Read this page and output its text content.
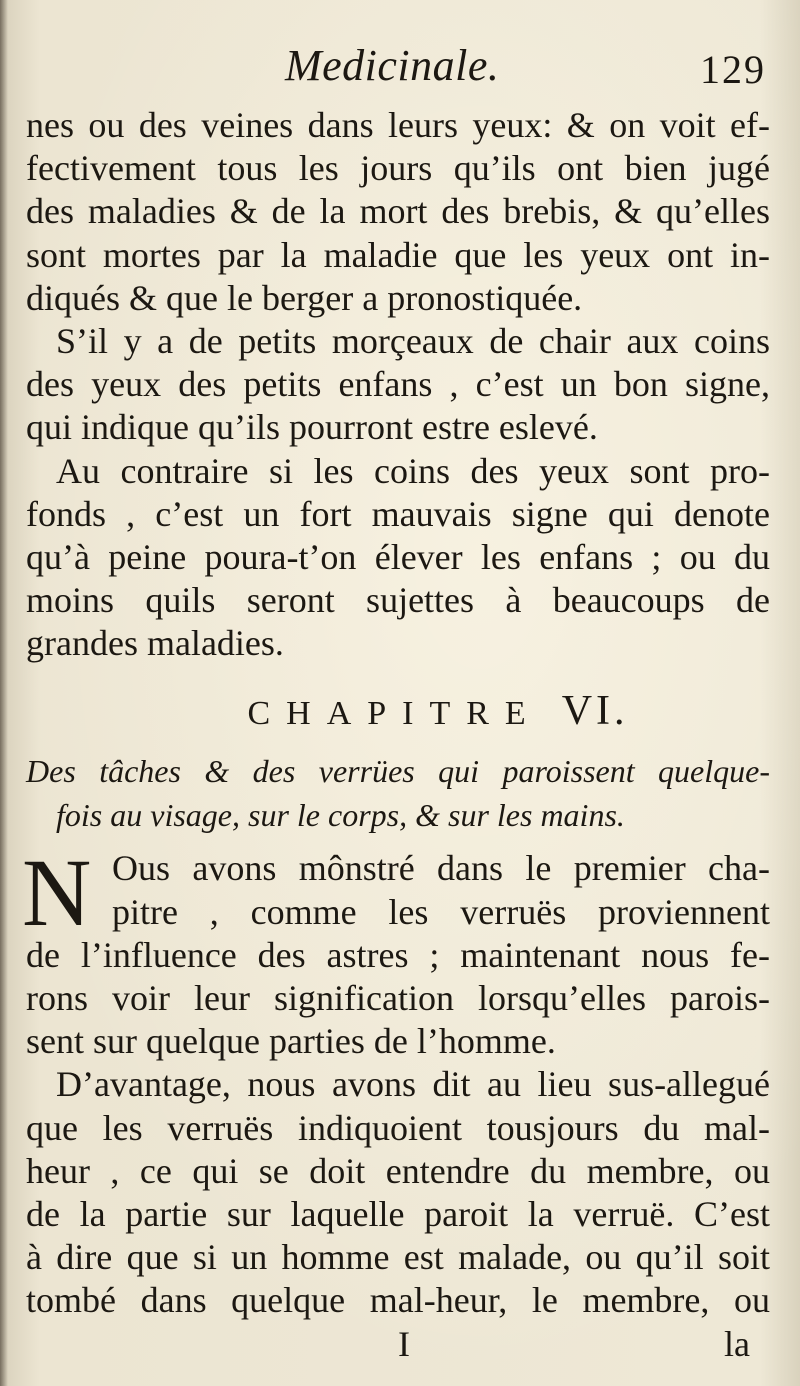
Medicinale.	129
nes ou des veines dans leurs yeux: & on voit ef-
fectivement tous les jours qu’ils ont bien jugé
des maladies & de la mort des brebis, & qu’elles
sont mortes par la maladie que les yeux ont in-
diqués & que le berger a pronostiquée.
S’il y a de petits morçeaux de chair aux coins
des yeux des petits enfans , c’est un bon signe,
qui indique qu’ils pourront estre eslevé.
Au contraire si les coins des yeux sont pro-
fonds , c’est un fort mauvais signe qui denote
qu’à peine poura-t’on élever les enfans ; ou du
moins quils seront sujettes à beaucoups de
grandes maladies.
CHAPITRE VI.
Des tâches & des verrües qui paroissent quelque-
fois au visage, sur le corps, & sur les mains.
N Ous avons mônstré dans le premier cha-
pitre , comme les verruës proviennent
de l’influence des astres ; maintenant nous fe-
rons voir leur signification lorsqu’elles parois-
sent sur quelque parties de l’homme.
D’avantage, nous avons dit au lieu sus-allegué
que les verruës indiquoient tousjours du mal-
heur , ce qui se doit entendre du membre, ou
de la partie sur laquelle paroit la verruë. C’est
à dire que si un homme est malade, ou qu’il soit
tombé dans quelque mal-heur, le membre, ou
I	la
